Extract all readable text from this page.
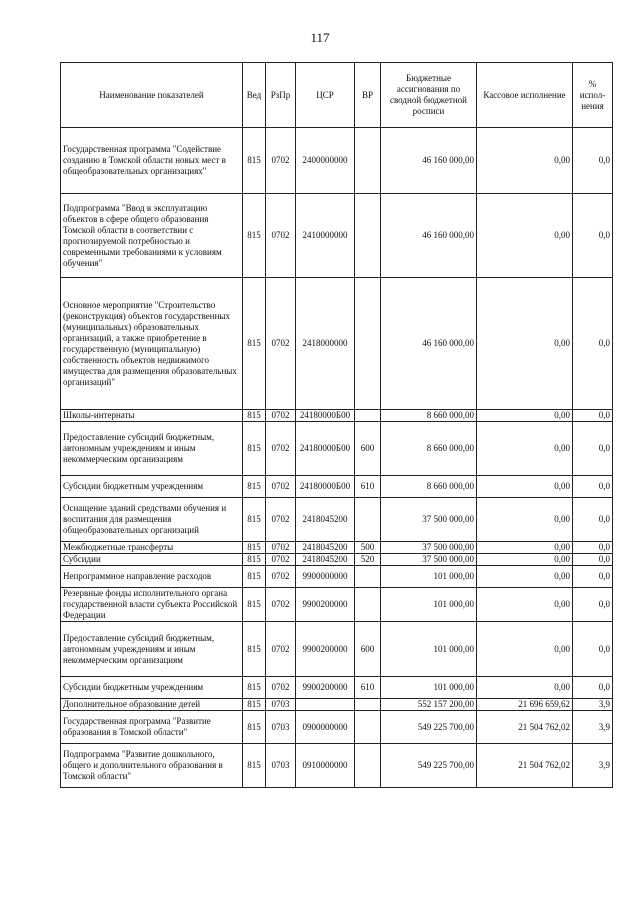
117
Наименование показателей	Вед	РзПр	ЦСР	ВР	Бюджетные ассигнования по сводной бюджетной росписи	Кассовое исполнение	% испол-нения
Государственная программа "Содействие созданию в Томской области новых мест в общеобразовательных организациях"	815	0702	2400000000		46 160 000,00	0,00	0,0
Подпрограмма "Ввод в эксплуатацию объектов в сфере общего образования Томской области в соответствии с прогнозируемой потребностью и современными требованиями к условиям обучения"	815	0702	2410000000		46 160 000,00	0,00	0,0
Основное мероприятие "Строительство (реконструкция) объектов государственных (муниципальных) образовательных организаций, а также приобретение в государственную (муниципальную) собственность объектов недвижимого имущества для размещения образовательных организаций"	815	0702	2418000000		46 160 000,00	0,00	0,0
Школы-интернаты	815	0702	24180000Б00		8 660 000,00	0,00	0,0
Предоставление субсидий бюджетным, автономным учреждениям и иным некоммерческим организациям	815	0702	24180000Б00	600	8 660 000,00	0,00	0,0
Субсидии бюджетным учреждениям	815	0702	24180000Б00	610	8 660 000,00	0,00	0,0
Оснащение зданий средствами обучения и воспитания для размещения общеобразовательных организаций	815	0702	2418045200		37 500 000,00	0,00	0,0
Межбюджетные трансферты	815	0702	2418045200	500	37 500 000,00	0,00	0,0
Субсидии	815	0702	2418045200	520	37 500 000,00	0,00	0,0
Непрограммное направление расходов	815	0702	9900000000		101 000,00	0,00	0,0
Резервные фонды исполнительного органа государственной власти субъекта Российской Федерации	815	0702	9900200000		101 000,00	0,00	0,0
Предоставление субсидий бюджетным, автономным учреждениям и иным некоммерческим организациям	815	0702	9900200000	600	101 000,00	0,00	0,0
Субсидии бюджетным учреждениям	815	0702	9900200000	610	101 000,00	0,00	0,0
Дополнительное образование детей	815	0703			552 157 200,00	21 696 659,62	3,9
Государственная программа "Развитие образования в Томской области"	815	0703	0900000000		549 225 700,00	21 504 762,02	3,9
Подпрограмма "Развитие дошкольного, общего и дополнительного образования в Томской области"	815	0703	0910000000		549 225 700,00	21 504 762,02	3,9
